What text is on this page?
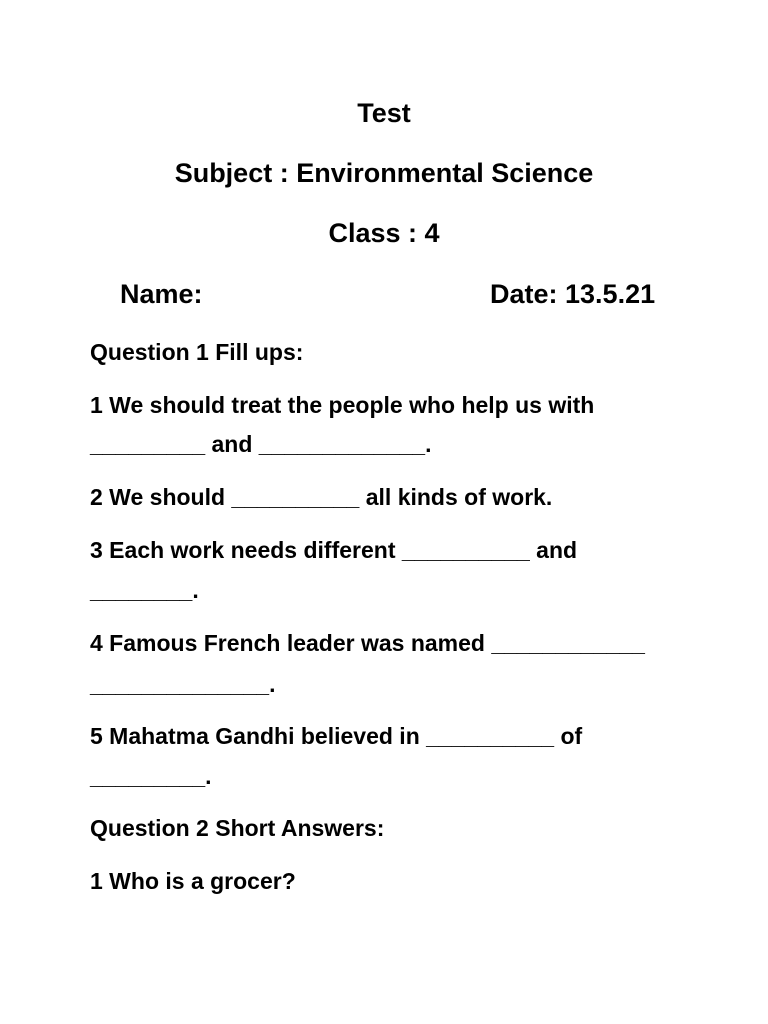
Test
Subject : Environmental Science
Class : 4
Name:	Date: 13.5.21
Question 1 Fill ups:
1 We should treat the people who help us with
_________ and _____________.
2 We should __________ all kinds of work.
3 Each work needs different __________ and
________.
4 Famous French leader was named ____________
______________.
5 Mahatma Gandhi believed in __________ of
_________.
Question 2 Short Answers:
1 Who is a grocer?
